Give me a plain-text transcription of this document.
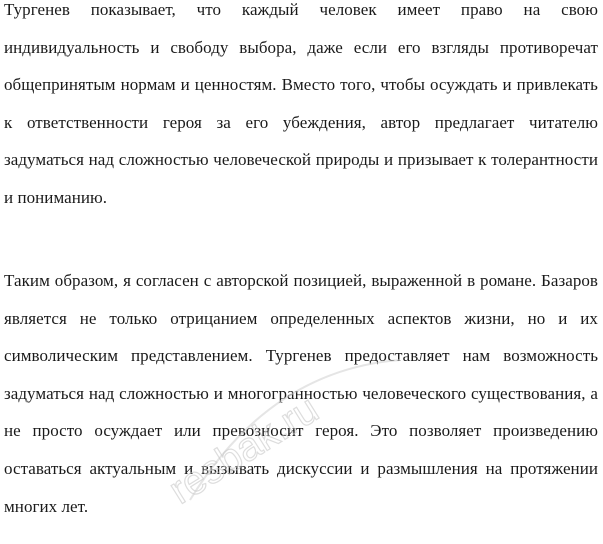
Тургенев показывает, что каждый человек имеет право на свою индивидуальность и свободу выбора, даже если его взгляды противоречат общепринятым нормам и ценностям. Вместо того, чтобы осуждать и привлекать к ответственности героя за его убеждения, автор предлагает читателю задуматься над сложностью человеческой природы и призывает к толерантности и пониманию.

Таким образом, я согласен с авторской позицией, выраженной в романе. Базаров является не только отрицанием определенных аспектов жизни, но и их символическим представлением. Тургенев предоставляет нам возможность задуматься над сложностью и многогранностью человеческого существования, а не просто осуждает или превозносит героя. Это позволяет произведению оставаться актуальным и вызывать дискуссии и размышления на протяжении многих лет.	resbak.ru
